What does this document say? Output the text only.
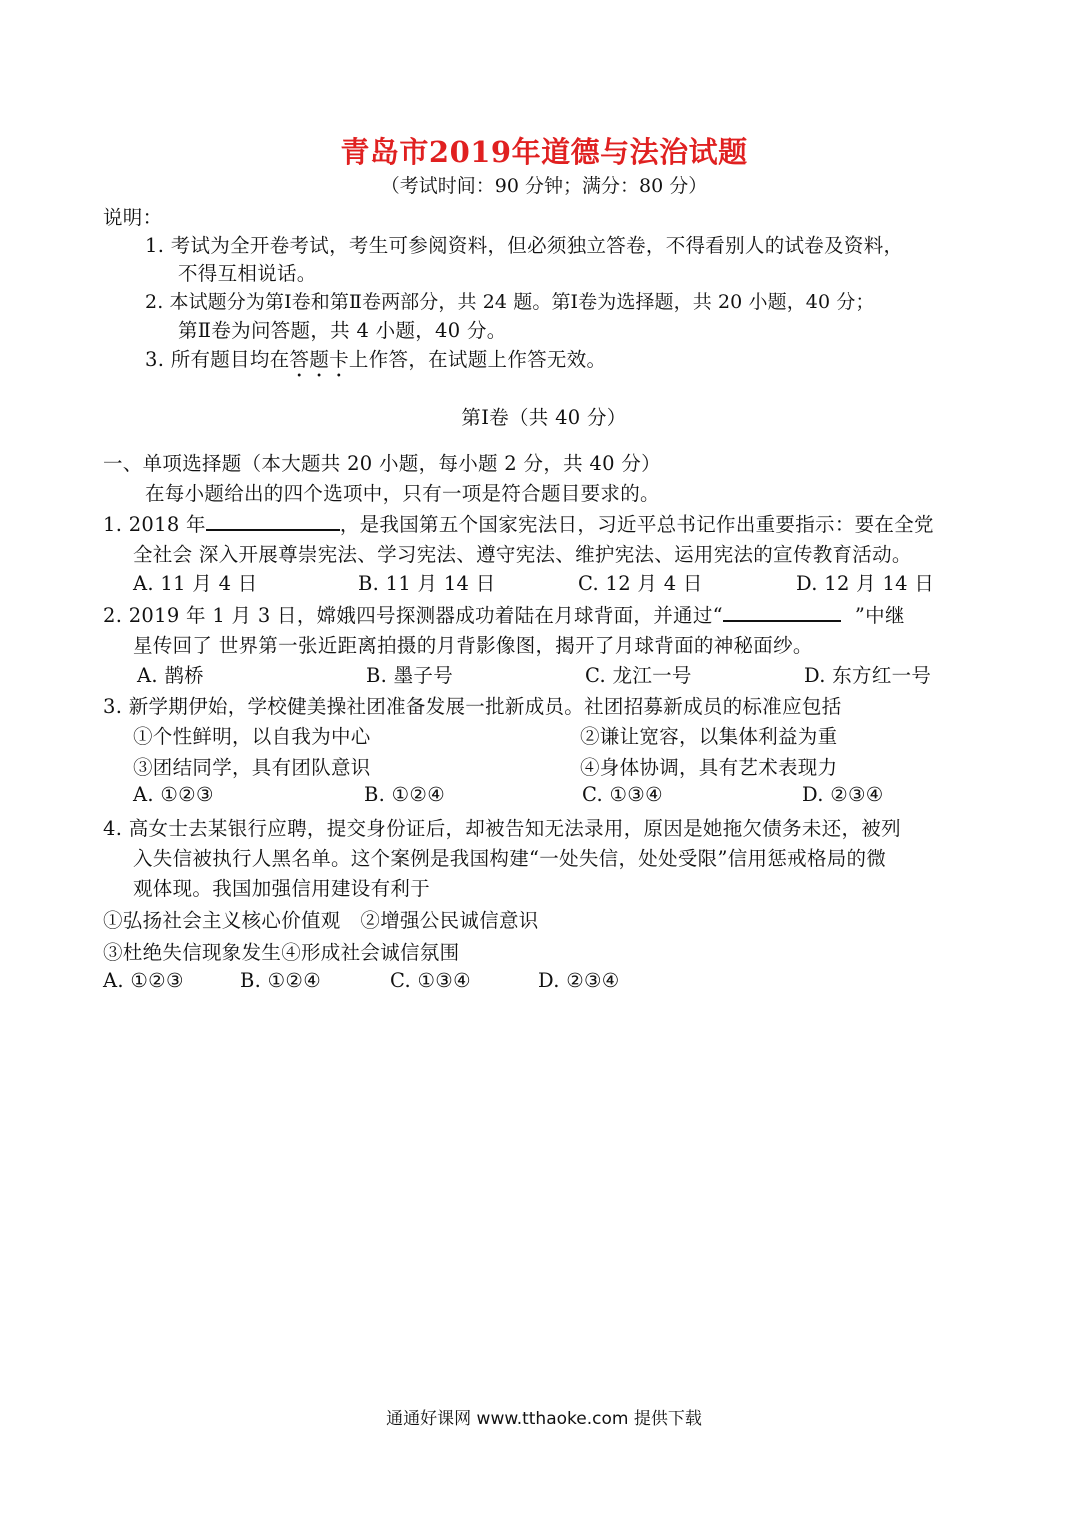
青岛市2019年道德与法治试题
（考试时间：90 分钟；满分：80 分）
说明：
1. 考试为全开卷考试，考生可参阅资料，但必须独立答卷，不得看别人的试卷及资料，
不得互相说话。
2. 本试题分为第Ⅰ卷和第Ⅱ卷两部分，共 24 题。第Ⅰ卷为选择题，共 20 小题，40 分；
第Ⅱ卷为问答题，共 4 小题，40 分。
3. 所有题目均在答题卡上作答，在试题上作答无效。
第Ⅰ卷（共 40 分）
一、单项选择题（本大题共 20 小题，每小题 2 分，共 40 分）
在每小题给出的四个选项中，只有一项是符合题目要求的。
1. 2018 年	，是我国第五个国家宪法日，习近平总书记作出重要指示：要在全党
全社会 深入开展尊崇宪法、学习宪法、遵守宪法、维护宪法、运用宪法的宣传教育活动。
A. 11 月 4 日	B. 11 月 14 日	C. 12 月 4 日	D. 12 月 14 日
2. 2019 年 1 月 3 日，嫦娥四号探测器成功着陆在月球背面，并通过“	”中继
星传回了 世界第一张近距离拍摄的月背影像图，揭开了月球背面的神秘面纱。
A. 鹊桥	B. 墨子号	C. 龙江一号	D. 东方红一号
3. 新学期伊始，学校健美操社团准备发展一批新成员。社团招募新成员的标准应包括
①个性鲜明，以自我为中心	②谦让宽容，以集体利益为重
③团结同学，具有团队意识	④身体协调，具有艺术表现力
A. ①②③	B. ①②④	C. ①③④	D. ②③④
4. 高女士去某银行应聘，提交身份证后，却被告知无法录用，原因是她拖欠债务未还，被列
入失信被执行人黑名单。这个案例是我国构建“一处失信，处处受限”信用惩戒格局的微
观体现。我国加强信用建设有利于
①弘扬社会主义核心价值观　②增强公民诚信意识
③杜绝失信现象发生④形成社会诚信氛围
A. ①②③	B. ①②④	C. ①③④	D. ②③④
通通好课网 www.tthaoke.com 提供下载
